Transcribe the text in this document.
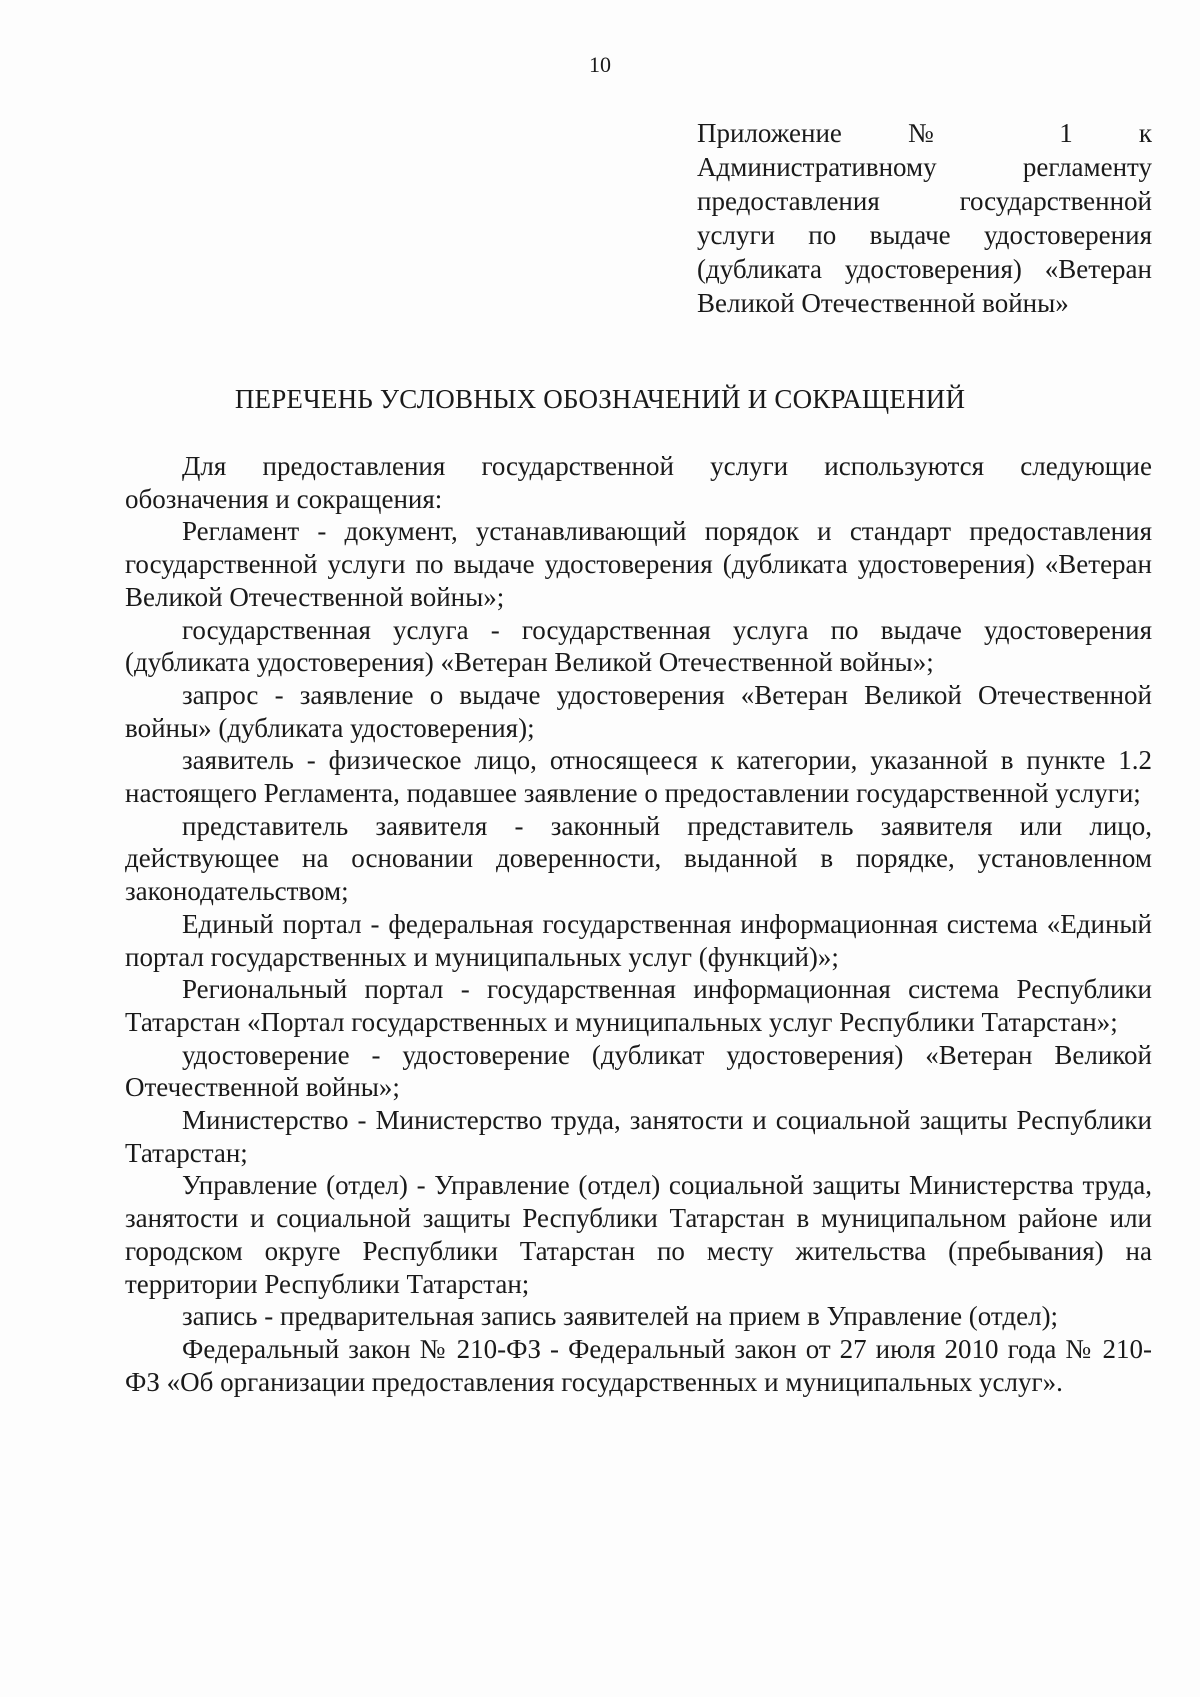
10
Приложение № 1 к
Административному регламенту
предоставления государственной
услуги по выдаче удостоверения
(дубликата удостоверения) «Ветеран
Великой Отечественной войны»
ПЕРЕЧЕНЬ УСЛОВНЫХ ОБОЗНАЧЕНИЙ И СОКРАЩЕНИЙ

Для предоставления государственной услуги используются следующие обозначения и сокращения:

Регламент - документ, устанавливающий порядок и стандарт предоставления государственной услуги по выдаче удостоверения (дубликата удостоверения) «Ветеран Великой Отечественной войны»;

государственная услуга - государственная услуга по выдаче удостоверения (дубликата удостоверения) «Ветеран Великой Отечественной войны»;

запрос - заявление о выдаче удостоверения «Ветеран Великой Отечественной войны» (дубликата удостоверения);

заявитель - физическое лицо, относящееся к категории, указанной в пункте 1.2 настоящего Регламента, подавшее заявление о предоставлении государственной услуги;

представитель заявителя - законный представитель заявителя или лицо, действующее на основании доверенности, выданной в порядке, установленном законодательством;

Единый портал - федеральная государственная информационная система «Единый портал государственных и муниципальных услуг (функций)»;

Региональный портал - государственная информационная система Республики Татарстан «Портал государственных и муниципальных услуг Республики Татарстан»;

удостоверение - удостоверение (дубликат удостоверения) «Ветеран Великой Отечественной войны»;

Министерство - Министерство труда, занятости и социальной защиты Республики Татарстан;

Управление (отдел) - Управление (отдел) социальной защиты Министерства труда, занятости и социальной защиты Республики Татарстан в муниципальном районе или городском округе Республики Татарстан по месту жительства (пребывания) на территории Республики Татарстан;

запись - предварительная запись заявителей на прием в Управление (отдел);

Федеральный закон № 210-ФЗ - Федеральный закон от 27 июля 2010 года № 210-ФЗ «Об организации предоставления государственных и муниципальных услуг».
